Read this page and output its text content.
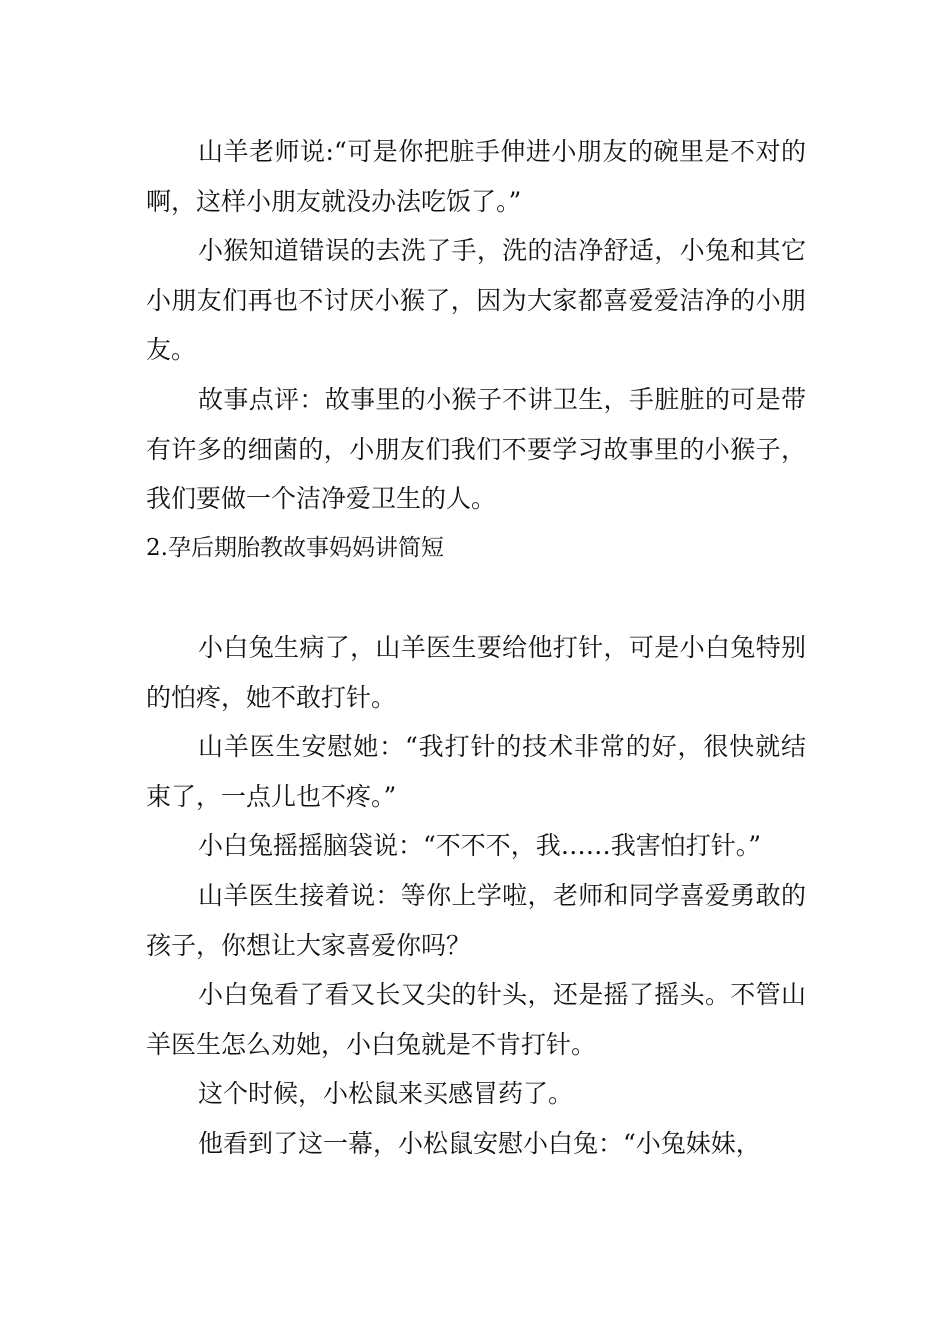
山羊老师说:“可是你把脏手伸进小朋友的碗里是不对的啊，这样小朋友就没办法吃饭了。”

小猴知道错误的去洗了手，洗的洁净舒适，小兔和其它小朋友们再也不讨厌小猴了，因为大家都喜爱爱洁净的小朋友。

故事点评：故事里的小猴子不讲卫生，手脏脏的可是带有许多的细菌的，小朋友们我们不要学习故事里的小猴子，我们要做一个洁净爱卫生的人。

2.孕后期胎教故事妈妈讲简短

小白兔生病了，山羊医生要给他打针，可是小白兔特别的怕疼，她不敢打针。

山羊医生安慰她：“我打针的技术非常的好，很快就结束了，一点儿也不疼。”

小白兔摇摇脑袋说：“不不不，我……我害怕打针。”

山羊医生接着说：等你上学啦，老师和同学喜爱勇敢的孩子，你想让大家喜爱你吗？

小白兔看了看又长又尖的针头，还是摇了摇头。不管山羊医生怎么劝她，小白兔就是不肯打针。

这个时候，小松鼠来买感冒药了。

他看到了这一幕，小松鼠安慰小白兔：“小兔妹妹，
